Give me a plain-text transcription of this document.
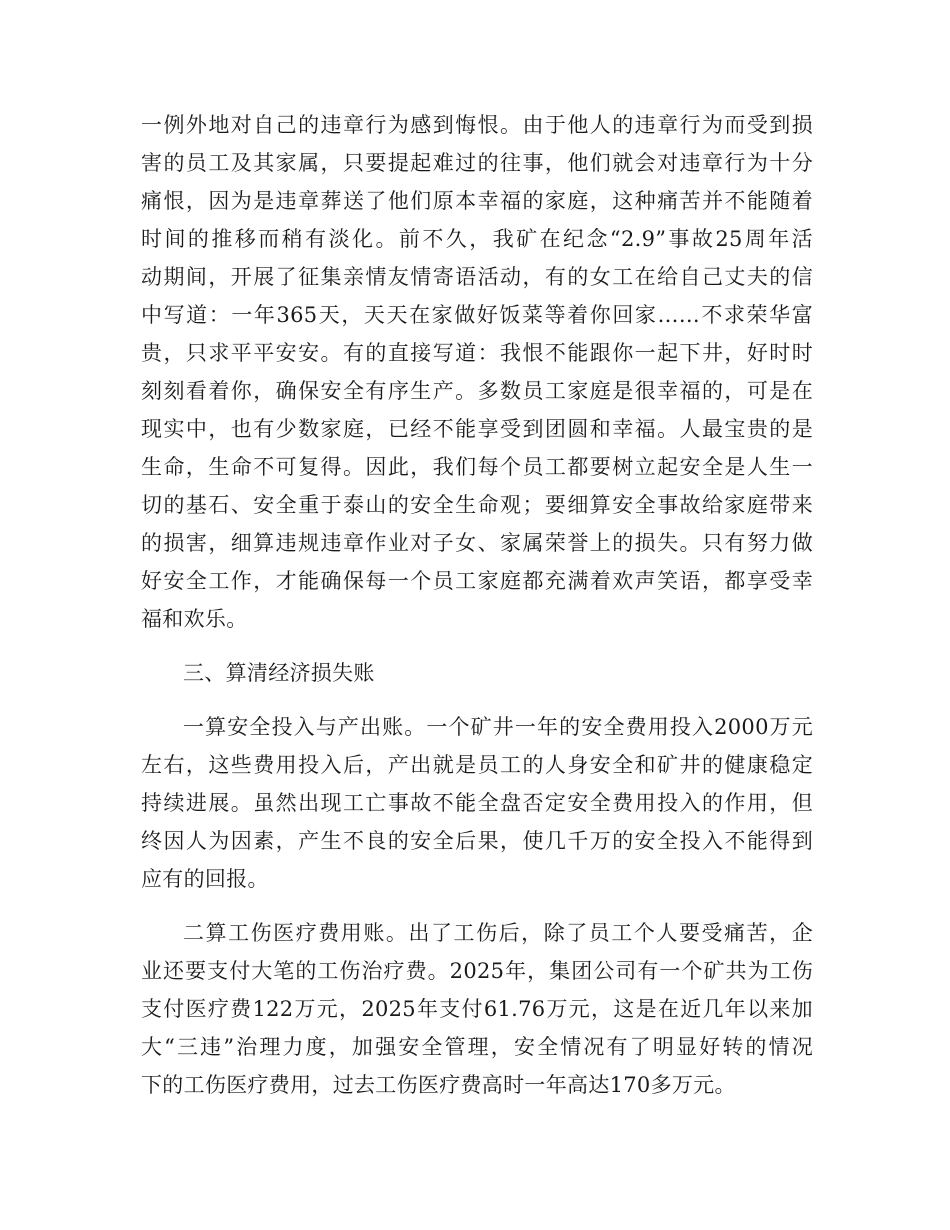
一例外地对自己的违章行为感到悔恨。由于他人的违章行为而受到损
害的员工及其家属，只要提起难过的往事，他们就会对违章行为十分
痛恨，因为是违章葬送了他们原本幸福的家庭，这种痛苦并不能随着
时间的推移而稍有淡化。前不久，我矿在纪念“2.9”事故25周年活
动期间，开展了征集亲情友情寄语活动，有的女工在给自己丈夫的信
中写道：一年365天，天天在家做好饭菜等着你回家……不求荣华富
贵，只求平平安安。有的直接写道：我恨不能跟你一起下井，好时时
刻刻看着你，确保安全有序生产。多数员工家庭是很幸福的，可是在
现实中，也有少数家庭，已经不能享受到团圆和幸福。人最宝贵的是
生命，生命不可复得。因此，我们每个员工都要树立起安全是人生一
切的基石、安全重于泰山的安全生命观；要细算安全事故给家庭带来
的损害，细算违规违章作业对子女、家属荣誉上的损失。只有努力做
好安全工作，才能确保每一个员工家庭都充满着欢声笑语，都享受幸
福和欢乐。
三、算清经济损失账
一算安全投入与产出账。一个矿井一年的安全费用投入2000万元
左右，这些费用投入后，产出就是员工的人身安全和矿井的健康稳定
持续进展。虽然出现工亡事故不能全盘否定安全费用投入的作用，但
终因人为因素，产生不良的安全后果，使几千万的安全投入不能得到
应有的回报。
二算工伤医疗费用账。出了工伤后，除了员工个人要受痛苦，企
业还要支付大笔的工伤治疗费。2025年，集团公司有一个矿共为工伤
支付医疗费122万元，2025年支付61.76万元，这是在近几年以来加
大“三违”治理力度，加强安全管理，安全情况有了明显好转的情况
下的工伤医疗费用，过去工伤医疗费高时一年高达170多万元。
